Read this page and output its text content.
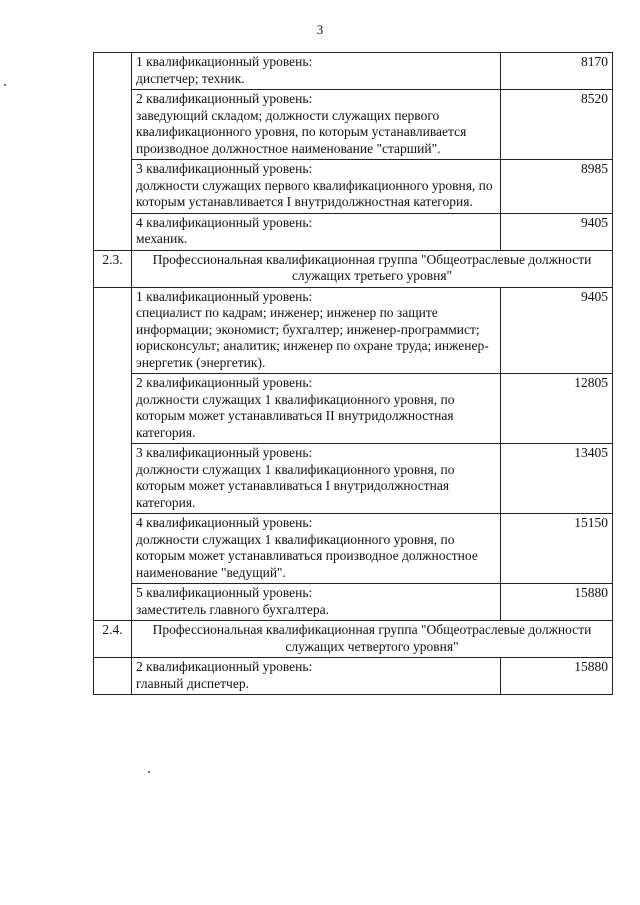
3

	1 квалификационный уровень:
диспетчер; техник.	8170

	2 квалификационный уровень:
заведующий складом; должности служащих первого квалификационного уровня, по которым устанавливается производное должностное наименование "старший".	8520

	3 квалификационный уровень:
должности служащих первого квалификационного уровня, по которым устанавливается I внутридолжностная категория.	8985

	4 квалификационный уровень:
механик.	9405
2.3.	Профессиональная квалификационная группа "Общеотраслевые должности служащих третьего уровня"	

	1 квалификационный уровень:
специалист по кадрам; инженер; инженер по защите информации; экономист; бухгалтер; инженер-программист; юрисконсульт; аналитик; инженер по охране труда; инженер-энергетик (энергетик).	9405

	2 квалификационный уровень:
должности служащих 1 квалификационного уровня, по которым может устанавливаться II внутридолжностная категория.	12805

	3 квалификационный уровень:
должности служащих 1 квалификационного уровня, по которым может устанавливаться I внутридолжностная категория.	13405

	4 квалификационный уровень:
должности служащих 1 квалификационного уровня, по которым может устанавливаться производное должностное наименование "ведущий".	15150

	5 квалификационный уровень:
заместитель главного бухгалтера.	15880
2.4.	Профессиональная квалификационная группа "Общеотраслевые должности служащих четвертого уровня"	

	2 квалификационный уровень:
главный диспетчер.	15880
